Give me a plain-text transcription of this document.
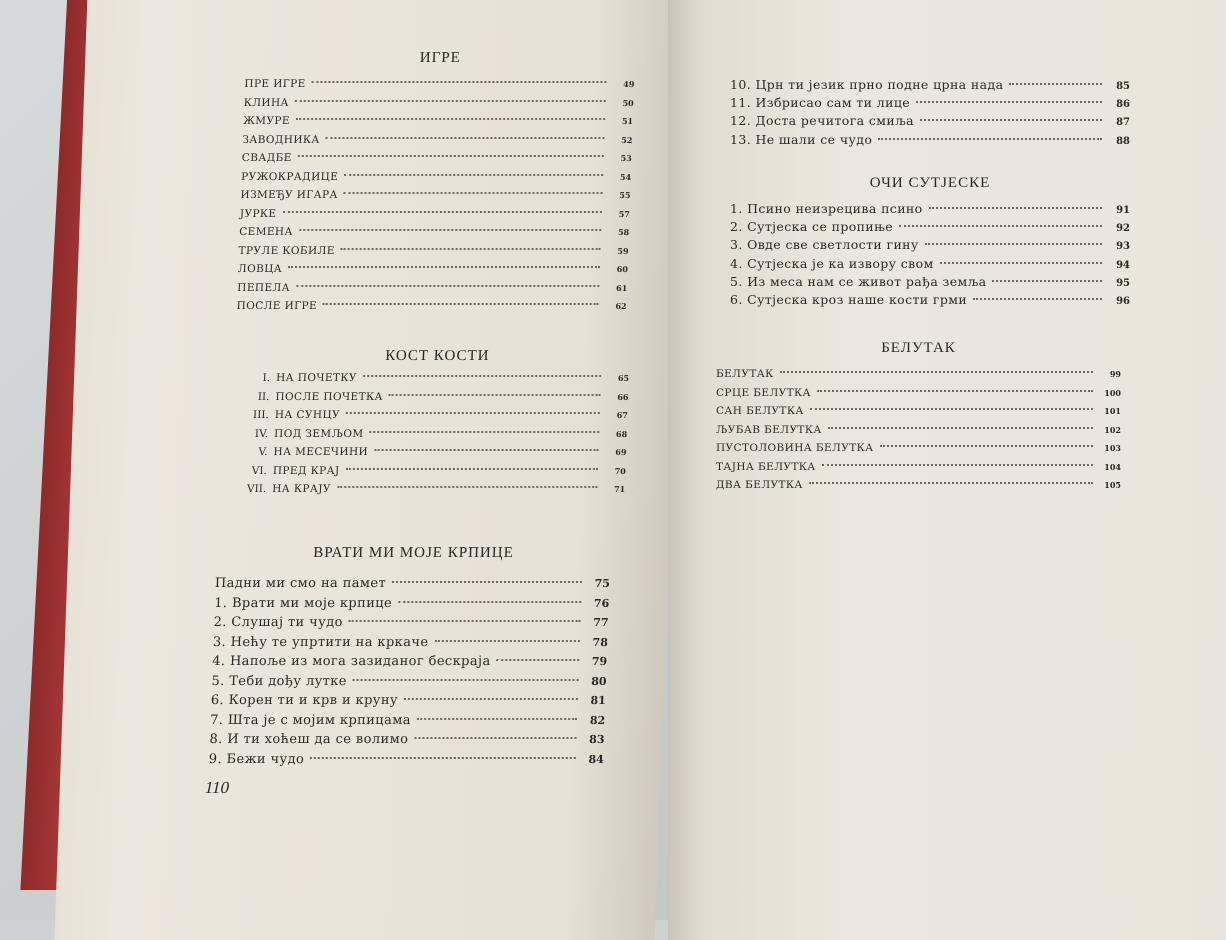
ИГРЕ
ПРЕ ИГРЕ	49
КЛИНА	50
ЖМУРЕ	51
ЗАВОДНИКА	52
СВАДБЕ	53
РУЖОКРАДИЦЕ	54
ИЗМЕЂУ ИГАРА	55
ЈУРКЕ	57
СЕМЕНА	58
ТРУЛЕ КОБИЛЕ	59
ЛОВЦА	60
ПЕПЕЛА	61
ПОСЛЕ ИГРЕ	62
КОСТ КОСТИ
I. НА ПОЧЕТКУ	65
II. ПОСЛЕ ПОЧЕТКА	66
III. НА СУНЦУ	67
IV. ПОД ЗЕМЉОМ	68
V. НА МЕСЕЧИНИ	69
VI. ПРЕД КРАЈ	70
VII. НА КРАЈУ	71
ВРАТИ МИ МОЈЕ КРПИЦЕ
Падни ми смо на памет	75
1. Врати ми моје крпице	76
2. Слушај ти чудо	77
3. Нећу те упртити на кркаче	78
4. Напоље из мога зазиданог бескраја	79
5. Теби дођу лутке	80
6. Корен ти и крв и круну	81
7. Шта је с мојим крпицама	82
8. И ти хоћеш да се волимо	83
9. Бежи чудо	84
110
10. Црн ти језик прно подне црна нада	85
11. Избрисао сам ти лице	86
12. Доста речитога смиља	87
13. Не шали се чудо	88
ОЧИ СУТЈЕСКЕ
1. Псино неизрецива псино	91
2. Сутјеска се пропиње	92
3. Овде све светлости гину	93
4. Сутјеска је ка извору свом	94
5. Из меса нам се живот рађа земља	95
6. Сутјеска кроз наше кости грми	96
БЕЛУТАК
БЕЛУТАК	99
СРЦЕ БЕЛУТКА	100
САН БЕЛУТКА	101
ЉУБАВ БЕЛУТКА	102
ПУСТОЛОВИНА БЕЛУТКА	103
ТАЈНА БЕЛУТКА	104
ДВА БЕЛУТКА	105
